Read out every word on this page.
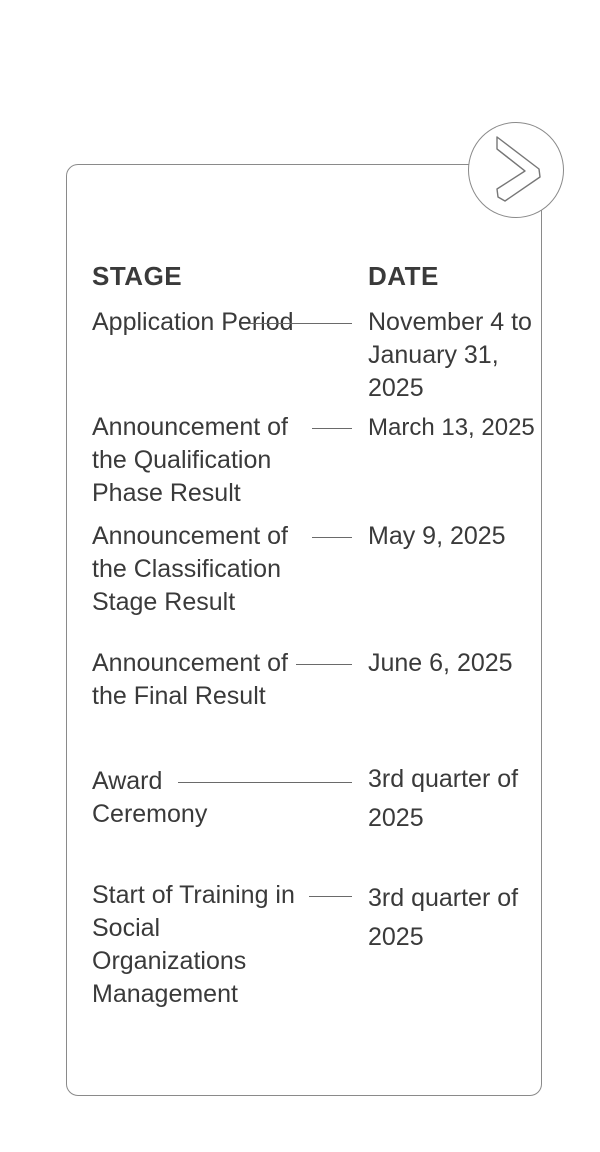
STAGE	DATE
Application Period	November 4 to January 31, 2025
Announcement of the Qualification Phase Result
March 13, 2025
Announcement of the Classification Stage Result
May 9, 2025
Announcement of the Final Result
June 6, 2025
Award Ceremony
3rd quarter of 2025
Start of Training in Social Organizations Management
3rd quarter of 2025
